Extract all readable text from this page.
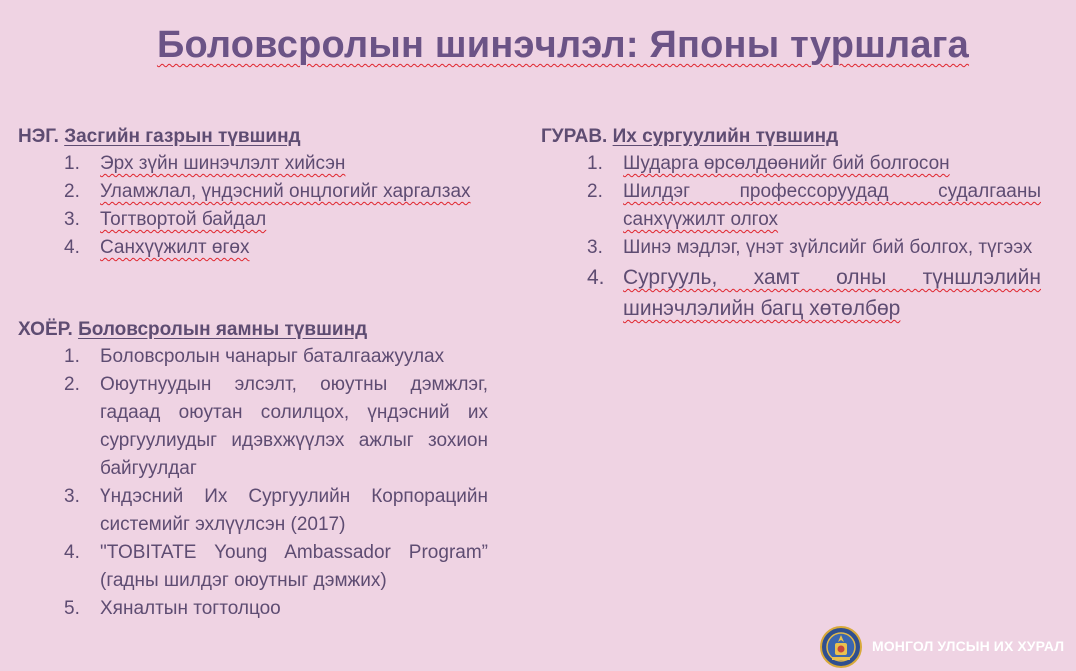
Боловсролын шинэчлэл: Японы туршлага
НЭГ. Засгийн газрын түвшинд
1. Эрх зүйн шинэчлэлт хийсэн
2. Уламжлал, үндэсний онцлогийг харгалзах
3. Тогтвортой байдал
4. Санхүүжилт өгөх
ХОЁР. Боловсролын яамны түвшинд
1. Боловсролын чанарыг баталгаажуулах
2. Оюутнуудын элсэлт, оюутны дэмжлэг, гадаад оюутан солилцох, үндэсний их сургуулиудыг идэвхжүүлэх ажлыг зохион байгуулдаг
3. Үндэсний Их Сургуулийн Корпорацийн системийг эхлүүлсэн (2017)
4. "TOBITATE Young Ambassador Program” (гадны шилдэг оюутныг дэмжих)
5. Хяналтын тогтолцоо
ГУРАВ. Их сургуулийн түвшинд
1. Шударга өрсөлдөөнийг бий болгосон
2. Шилдэг профессоруудад судалгааны санхүүжилт олгох
3. Шинэ мэдлэг, үнэт зүйлсийг бий болгох, түгээх
4. Сургууль, хамт олны түншлэлийн шинэчлэлийн багц хөтөлбөр
МОНГОЛ УЛСЫН ИХ ХУРАЛ
